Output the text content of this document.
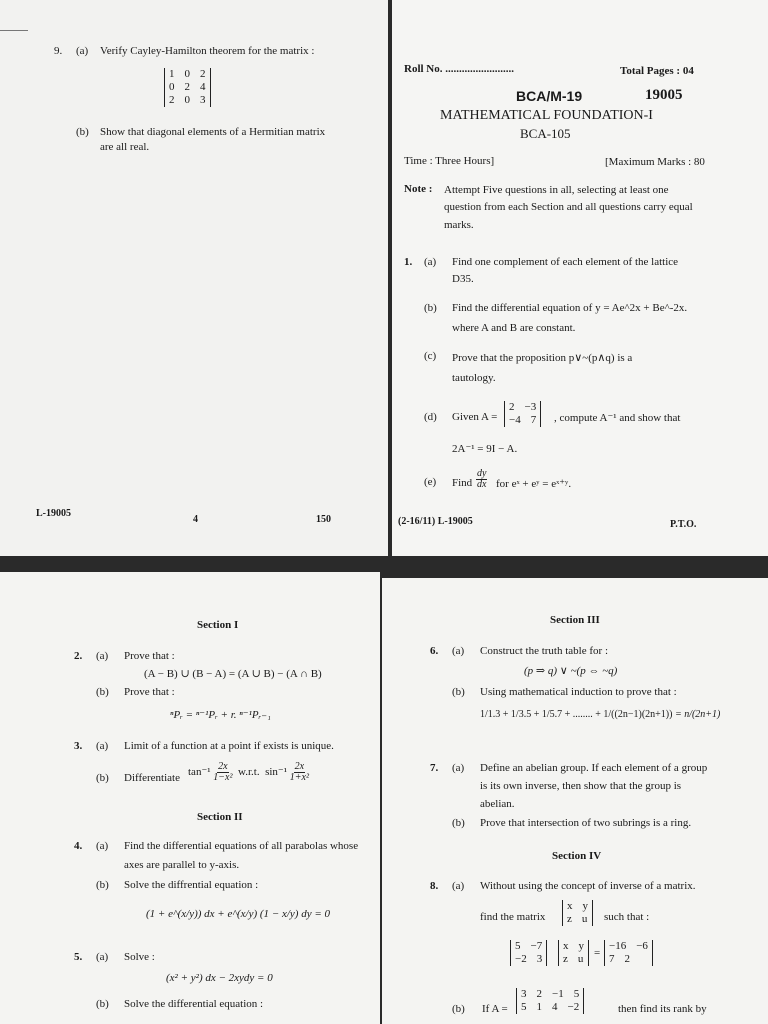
9. (a) Verify Cayley-Hamilton theorem for the matrix :
1 0 2
0 2 4
2 0 3
(b) Show that diagonal elements of a Hermitian matrix
are all real.
L-19005
4	150
Roll No. .........................	Total Pages : 04
BCA/M-19	19005
MATHEMATICAL FOUNDATION-I
BCA-105
Time : Three Hours]	[Maximum Marks : 80
Note : Attempt Five questions in all, selecting at least one
question from each Section and all questions carry equal
marks.
1. (a) Find one complement of each element of the lattice
D35.
(b) Find the differential equation of y = Ae^2x + Be^-2x.
where A and B are constant.
(c) Prove that the proposition p∨~(p∧q) is a
tautology.
(d) Given A =
2 −3
−4 7 , compute A⁻¹ and show that
2A⁻¹ = 9I − A.
(e) Find $\frac{dy}{dx}$ for eˣ + eʸ = eˣ⁺ʸ.
(2-16/11) L-19005	P.T.O.
Section I
2. (a) Prove that :
(A − B) ∪ (B − A) = (A ∪ B) − (A ∩ B)
(b) Prove that :
ⁿPᵣ = ⁿ⁻¹Pᵣ + r. ⁿ⁻¹Pᵣ₋₁
3. (a) Limit of a function at a point if exists is unique.
(b) Differentiate $\tan^{-1} \frac{2x}{\text{1−x²}} w.r.t$. $\sin^{-1} \frac{2x}{\text{1+x²}}$
Section II
4. (a) Find the differential equations of all parabolas whose
axes are parallel to y-axis.
(b) Solve the diffrential equation :
(1 + e^(x/y)) dx + e^(x/y) (1 − x/y) dy = 0
5. (a) Solve :
(x² + y²) dx − 2xydy = 0
(b) Solve the differential equation :
Section III
6. (a) Construct the truth table for :
(p ⇒ q) ∨ ~(p ⇔ ~q)
(b) Using mathematical induction to prove that :
1/1.3 + 1/3.5 + 1/5.7 + ........ + 1/((2n−1)(2n+1)) = n/(2n+1)
7. (a) Define an abelian group. If each element of a group
is its own inverse, then show that the group is
abelian.
(b) Prove that intersection of two subrings is a ring.
Section IV
8. (a) Without using the concept of inverse of a matrix.
find the matrix
x y
z u such that :
5 −7
−2 3
x y
z u =
−16 −6
7 2
(b) If A =
3 2 −1 5
5 1 4 −2	then find its rank by
